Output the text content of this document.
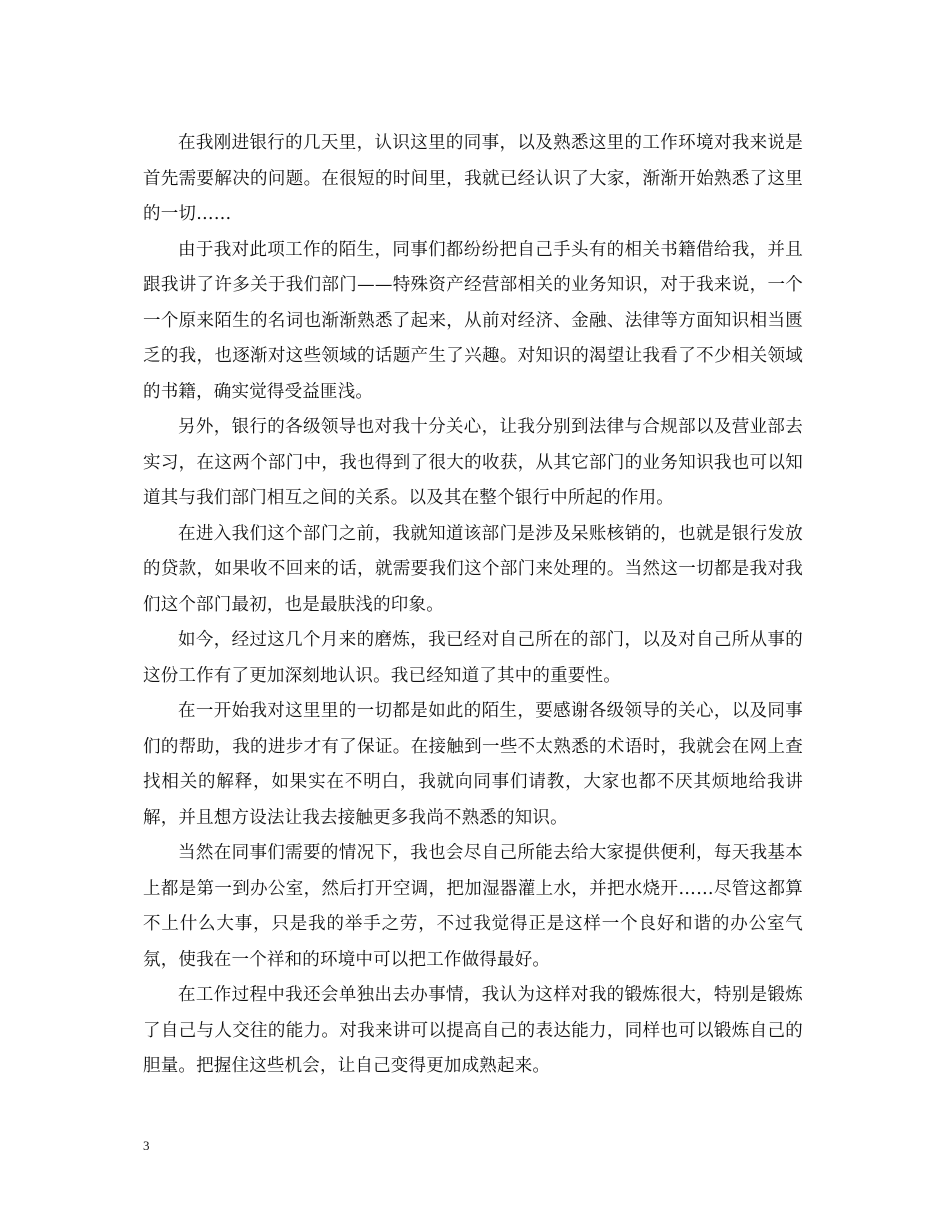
在我刚进银行的几天里，认识这里的同事，以及熟悉这里的工作环境对我来说是首先需要解决的问题。在很短的时间里，我就已经认识了大家，渐渐开始熟悉了这里的一切……

由于我对此项工作的陌生，同事们都纷纷把自己手头有的相关书籍借给我，并且跟我讲了许多关于我们部门——特殊资产经营部相关的业务知识，对于我来说，一个一个原来陌生的名词也渐渐熟悉了起来，从前对经济、金融、法律等方面知识相当匮乏的我，也逐渐对这些领域的话题产生了兴趣。对知识的渴望让我看了不少相关领域的书籍，确实觉得受益匪浅。

另外，银行的各级领导也对我十分关心，让我分别到法律与合规部以及营业部去实习，在这两个部门中，我也得到了很大的收获，从其它部门的业务知识我也可以知道其与我们部门相互之间的关系。以及其在整个银行中所起的作用。

在进入我们这个部门之前，我就知道该部门是涉及呆账核销的，也就是银行发放的贷款，如果收不回来的话，就需要我们这个部门来处理的。当然这一切都是我对我们这个部门最初，也是最肤浅的印象。

如今，经过这几个月来的磨炼，我已经对自己所在的部门，以及对自己所从事的这份工作有了更加深刻地认识。我已经知道了其中的重要性。

在一开始我对这里里的一切都是如此的陌生，要感谢各级领导的关心，以及同事们的帮助，我的进步才有了保证。在接触到一些不太熟悉的术语时，我就会在网上查找相关的解释，如果实在不明白，我就向同事们请教，大家也都不厌其烦地给我讲解，并且想方设法让我去接触更多我尚不熟悉的知识。

当然在同事们需要的情况下，我也会尽自己所能去给大家提供便利，每天我基本上都是第一到办公室，然后打开空调，把加湿器灌上水，并把水烧开……尽管这都算不上什么大事，只是我的举手之劳，不过我觉得正是这样一个良好和谐的办公室气氛，使我在一个祥和的环境中可以把工作做得最好。

在工作过程中我还会单独出去办事情，我认为这样对我的锻炼很大，特别是锻炼了自己与人交往的能力。对我来讲可以提高自己的表达能力，同样也可以锻炼自己的胆量。把握住这些机会，让自己变得更加成熟起来。

3
